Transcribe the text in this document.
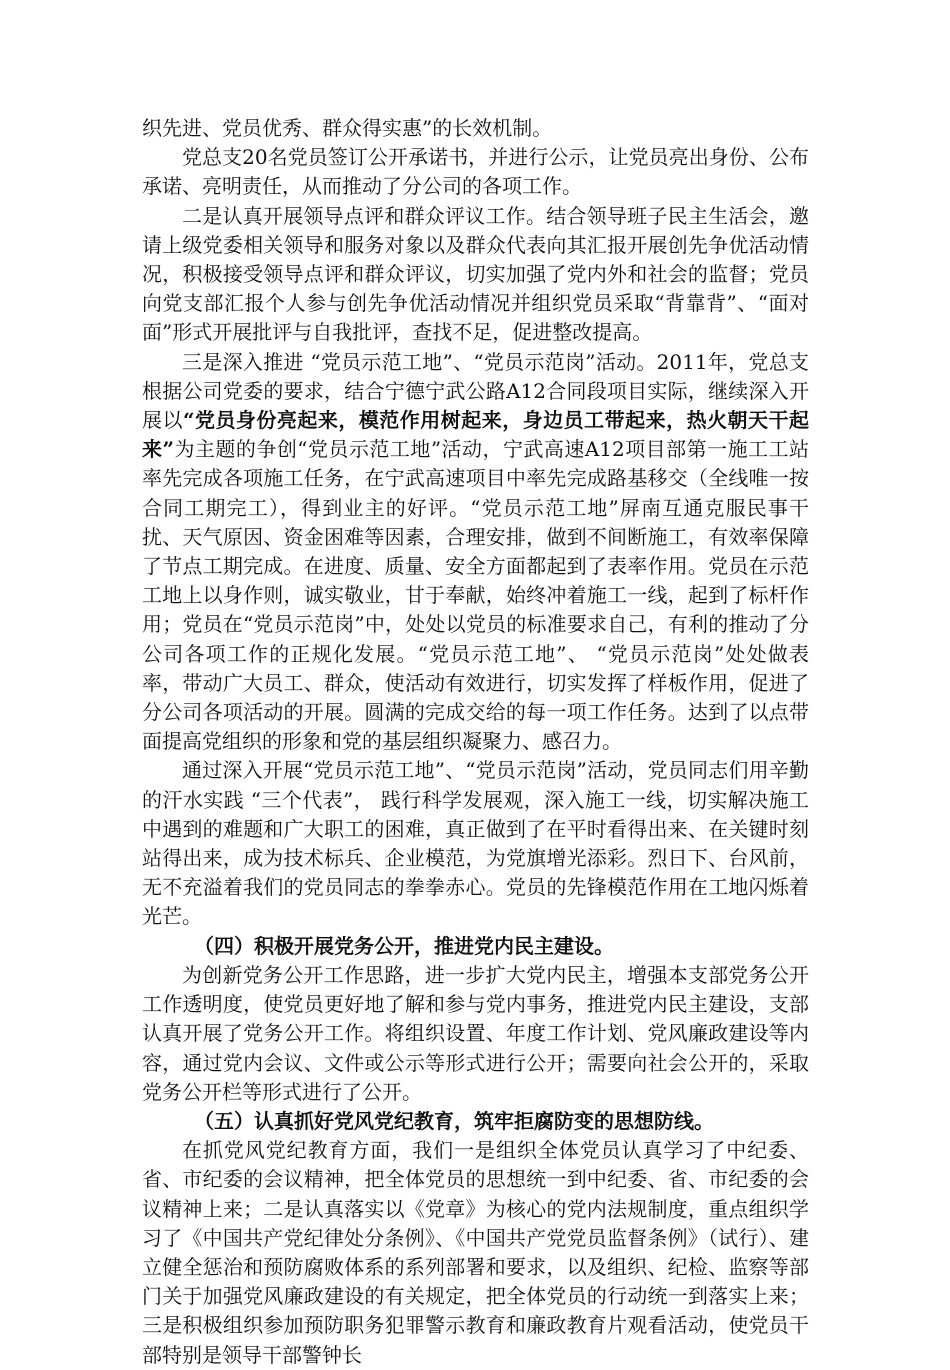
织先进、党员优秀、群众得实惠”的长效机制。

党总支20名党员签订公开承诺书，并进行公示，让党员亮出身份、公布承诺、亮明责任，从而推动了分公司的各项工作。

二是认真开展领导点评和群众评议工作。结合领导班子民主生活会，邀请上级党委相关领导和服务对象以及群众代表向其汇报开展创先争优活动情况，积极接受领导点评和群众评议，切实加强了党内外和社会的监督；党员向党支部汇报个人参与创先争优活动情况并组织党员采取“背靠背”、“面对面”形式开展批评与自我批评，查找不足，促进整改提高。

三是深入推进 “党员示范工地”、“党员示范岗”活动。2011年，党总支根据公司党委的要求，结合宁德宁武公路A12合同段项目实际，继续深入开展以“党员身份亮起来，模范作用树起来，身边员工带起来，热火朝天干起来”为主题的争创“党员示范工地”活动，宁武高速A12项目部第一施工工站率先完成各项施工任务，在宁武高速项目中率先完成路基移交（全线唯一按合同工期完工），得到业主的好评。“党员示范工地”屏南互通克服民事干扰、天气原因、资金困难等因素，合理安排，做到不间断施工，有效率保障了节点工期完成。在进度、质量、安全方面都起到了表率作用。党员在示范工地上以身作则，诚实敬业，甘于奉献，始终冲着施工一线，起到了标杆作用；党员在“党员示范岗”中，处处以党员的标准要求自己，有利的推动了分公司各项工作的正规化发展。“党员示范工地”、 “党员示范岗”处处做表率，带动广大员工、群众，使活动有效进行，切实发挥了样板作用，促进了分公司各项活动的开展。圆满的完成交给的每一项工作任务。达到了以点带面提高党组织的形象和党的基层组织凝聚力、感召力。

通过深入开展“党员示范工地”、“党员示范岗”活动，党员同志们用辛勤的汗水实践 “三个代表”， 践行科学发展观，深入施工一线，切实解决施工中遇到的难题和广大职工的困难，真正做到了在平时看得出来、在关键时刻站得出来，成为技术标兵、企业模范，为党旗增光添彩。烈日下、台风前，无不充溢着我们的党员同志的拳拳赤心。党员的先锋模范作用在工地闪烁着光芒。

（四）积极开展党务公开，推进党内民主建设。

为创新党务公开工作思路，进一步扩大党内民主，增强本支部党务公开工作透明度，使党员更好地了解和参与党内事务，推进党内民主建设，支部认真开展了党务公开工作。将组织设置、年度工作计划、党风廉政建设等内容，通过党内会议、文件或公示等形式进行公开；需要向社会公开的，采取党务公开栏等形式进行了公开。

（五）认真抓好党风党纪教育，筑牢拒腐防变的思想防线。

在抓党风党纪教育方面，我们一是组织全体党员认真学习了中纪委、省、市纪委的会议精神，把全体党员的思想统一到中纪委、省、市纪委的会议精神上来；二是认真落实以《党章》为核心的党内法规制度，重点组织学习了《中国共产党纪律处分条例》、《中国共产党党员监督条例》（试行）、建立健全惩治和预防腐败体系的系列部署和要求，以及组织、纪检、监察等部门关于加强党风廉政建设的有关规定，把全体党员的行动统一到落实上来；三是积极组织参加预防职务犯罪警示教育和廉政教育片观看活动，使党员干部特别是领导干部警钟长
